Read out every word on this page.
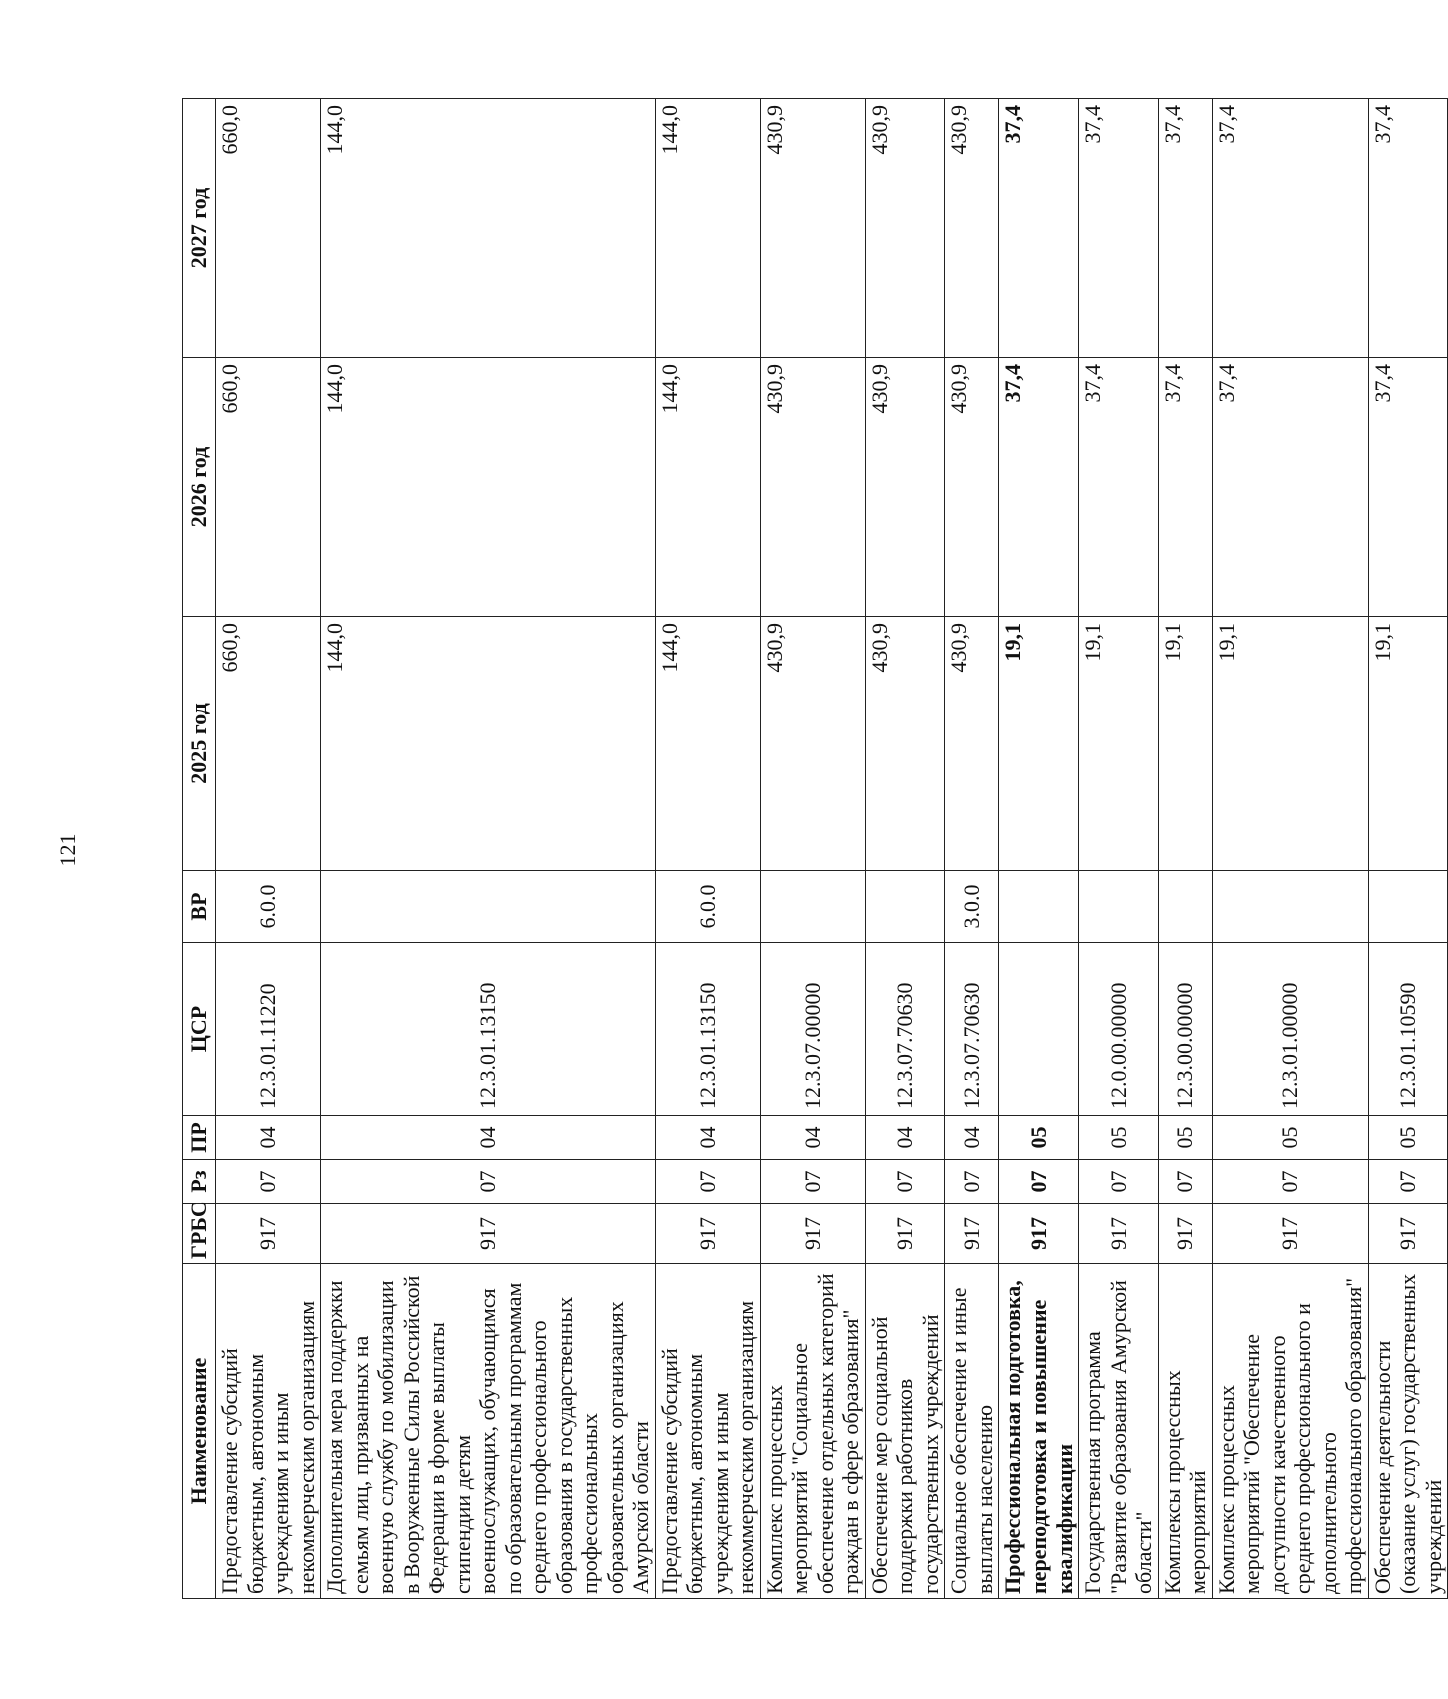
121
Наименование	ГРБС	Рз	ПР	ЦСР	ВР	2025 год	2026 год	2027 год
Предоставление субсидий бюджетным, автономным учреждениям и иным некоммерческим организациям	917	07	04	12.3.01.11220	6.0.0	660,0	660,0	660,0
Дополнительная мера поддержки семьям лиц, призванных на военную службу по мобилизации в Вооруженные Силы Российской Федерации в форме выплаты стипендии детям военнослужащих, обучающимся по образовательным программам среднего профессионального образования в государственных профессиональных образовательных организациях Амурской области	917	07	04	12.3.01.13150		144,0	144,0	144,0
Предоставление субсидий бюджетным, автономным учреждениям и иным некоммерческим организациям	917	07	04	12.3.01.13150	6.0.0	144,0	144,0	144,0
Комплекс процессных мероприятий "Социальное обеспечение отдельных категорий граждан в сфере образования"	917	07	04	12.3.07.00000		430,9	430,9	430,9
Обеспечение мер социальной поддержки работников государственных учреждений	917	07	04	12.3.07.70630		430,9	430,9	430,9
Социальное обеспечение и иные выплаты населению	917	07	04	12.3.07.70630	3.0.0	430,9	430,9	430,9
Профессиональная подготовка, переподготовка и повышение квалификации	917	07	05			19,1	37,4	37,4
Государственная программа "Развитие образования Амурской области"	917	07	05	12.0.00.00000		19,1	37,4	37,4
Комплексы процессных мероприятий	917	07	05	12.3.00.00000		19,1	37,4	37,4
Комплекс процессных мероприятий "Обеспечение доступности качественного среднего профессионального и дополнительного профессионального образования"	917	07	05	12.3.01.00000		19,1	37,4	37,4
Обеспечение деятельности (оказание услуг) государственных учреждений	917	07	05	12.3.01.10590		19,1	37,4	37,4
